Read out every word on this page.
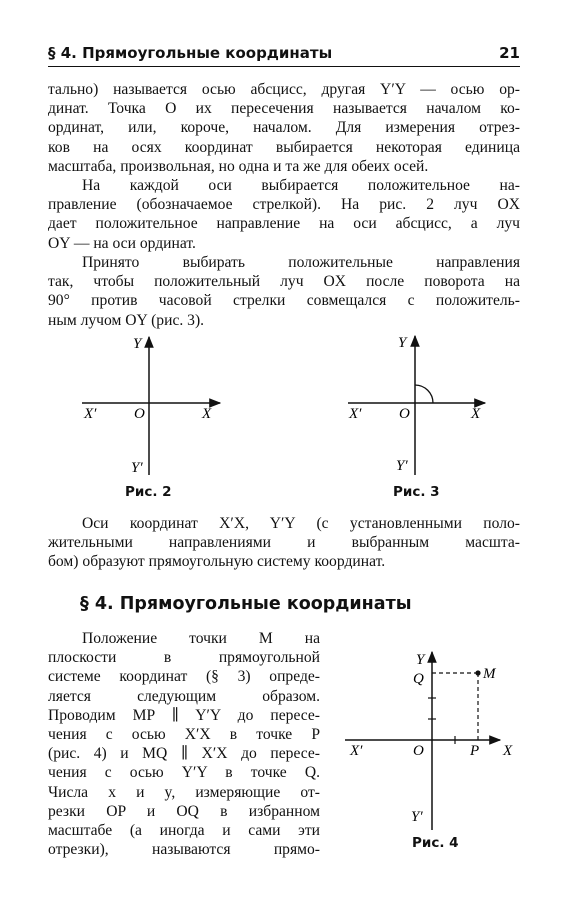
§ 4. Прямоугольные координаты	21
тально) называется осью абсцисс, другая Y′Y — осью ор-
динат. Точка O их пересечения называется началом ко-
ординат, или, короче, началом. Для измерения отрез-
ков на осях координат выбирается некоторая единица
масштаба, произвольная, но одна и та же для обеих осей.
На каждой оси выбирается положительное на-
правление (обозначаемое стрелкой). На рис. 2 луч OX
дает положительное направление на оси абсцисс, а луч
OY — на оси ординат.
Принято выбирать положительные направления
так, чтобы положительный луч OX после поворота на
90° против часовой стрелки совмещался с положитель-
ным лучом OY (рис. 3).
Y
Y′
X
X′	O
Рис. 2
Y
Y′
X
X′	O
Рис. 3
Оси координат X′X, Y′Y (с установленными поло-
жительными направлениями и выбранным масшта-
бом) образуют прямоугольную систему координат.
§ 4. Прямоугольные координаты
Положение точки M на
плоскости в прямоугольной
системе координат (§ 3) опреде-
ляется следующим образом.
Проводим MP ∥ Y′Y до пересе-
чения с осью X′X в точке P
(рис. 4) и MQ ∥ X′X до пересе-
чения с осью Y′Y в точке Q.
Числа x и y, измеряющие от-
резки OP и OQ в избранном
масштабе (а иногда и сами эти
отрезки), называются прямо-
Y
Y′
X
X′	O
Q	M
P
Рис. 4
